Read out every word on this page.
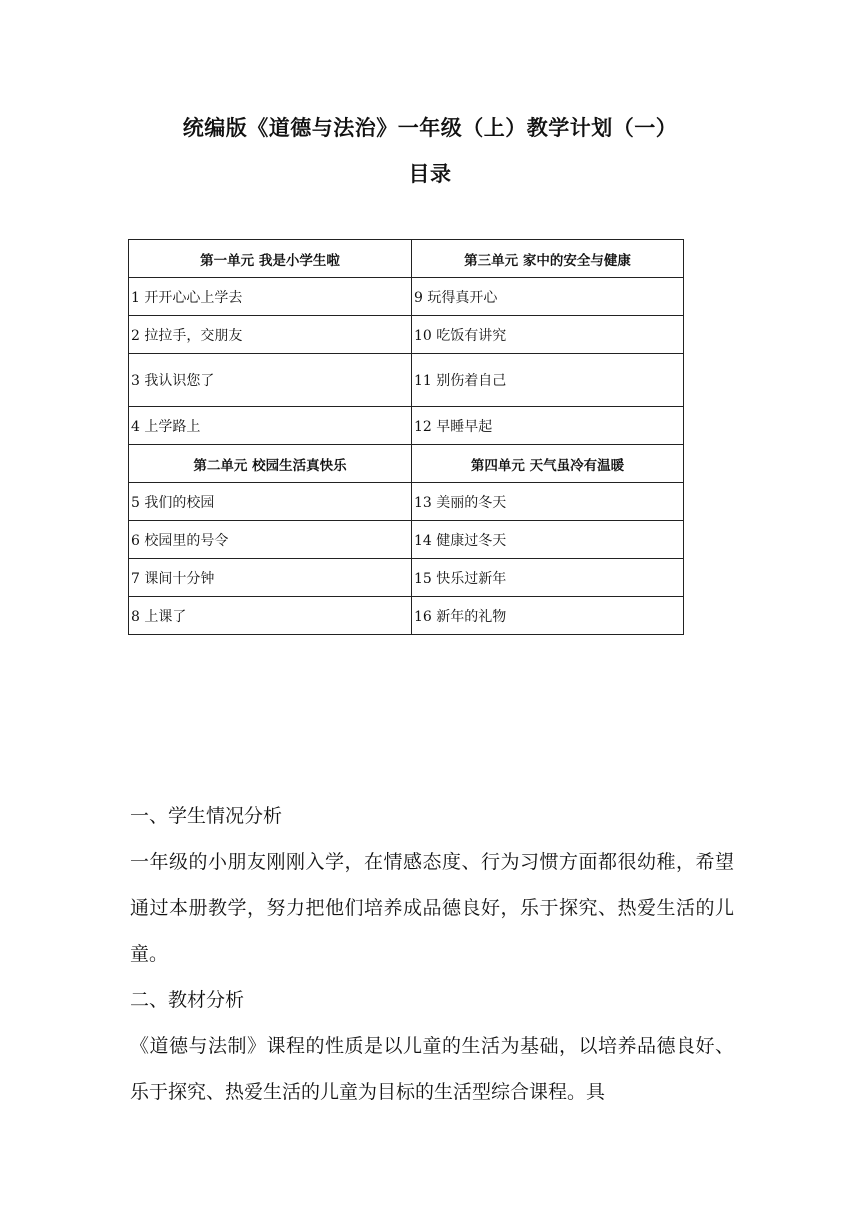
统编版《道德与法治》一年级（上）教学计划（一）
目录
第一单元 我是小学生啦	第三单元 家中的安全与健康
1 开开心心上学去	9 玩得真开心
2 拉拉手，交朋友	10 吃饭有讲究
3 我认识您了	11 别伤着自己
4 上学路上	12 早睡早起
第二单元 校园生活真快乐	第四单元 天气虽冷有温暖
5 我们的校园	13 美丽的冬天
6 校园里的号令	14 健康过冬天
7 课间十分钟	15 快乐过新年
8 上课了	16 新年的礼物

一、学生情况分析

一年级的小朋友刚刚入学，在情感态度、行为习惯方面都很幼稚，希望通过本册教学，努力把他们培养成品德良好，乐于探究、热爱生活的儿童。

二、教材分析

《道德与法制》课程的性质是以儿童的生活为基础，以培养品德良好、乐于探究、热爱生活的儿童为目标的生活型综合课程。具
